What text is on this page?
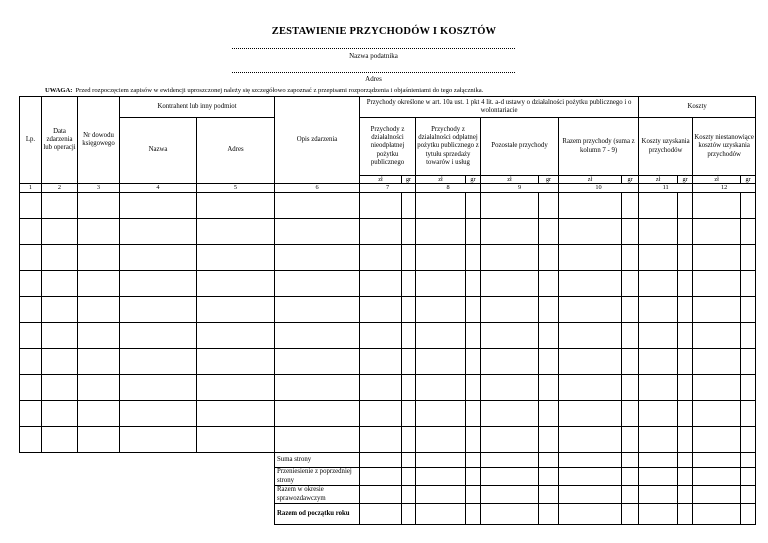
ZESTAWIENIE PRZYCHODÓW I KOSZTÓW
Nazwa podatnika
Adres
UWAGA: Przed rozpoczęciem zapisów w ewidencji uproszczonej należy się szczegółowo zapoznać z przepisami rozporządzenia i objaśnieniami do tego załącznika.
Lp.	Data zdarzenia lub operacji	Nr dowodu księgowego	Kontrahent lub inny podmiot		Opis zdarzenia	Przychody określone w art. 10a ust. 1 pkt 4 lit. a-d ustawy o działalności pożytku publicznego i o wolontariacie								Koszty			
			Nazwa	Adres		Przychody z działalności nieodpłatnej pożytku publicznego		Przychody z działalności odpłatnej pożytku publicznego z tytułu sprzedaży towarów i usług		Pozostałe przychody		Razem przychody (suma z kolumn 7 - 9)		Koszty uzyskania przychodów		Koszty niestanowiące kosztów uzyskania przychodów	
						zł	gr	zł	gr	zł	gr	zł	gr	zł	gr	zł	gr
1	2	3	4	5	6	7		8		9		10		11		12	

					Suma strony												
					Przeniesienie z poprzedniej strony												
					Razem w okresie sprawozdawczym												
					Razem od początku roku												
